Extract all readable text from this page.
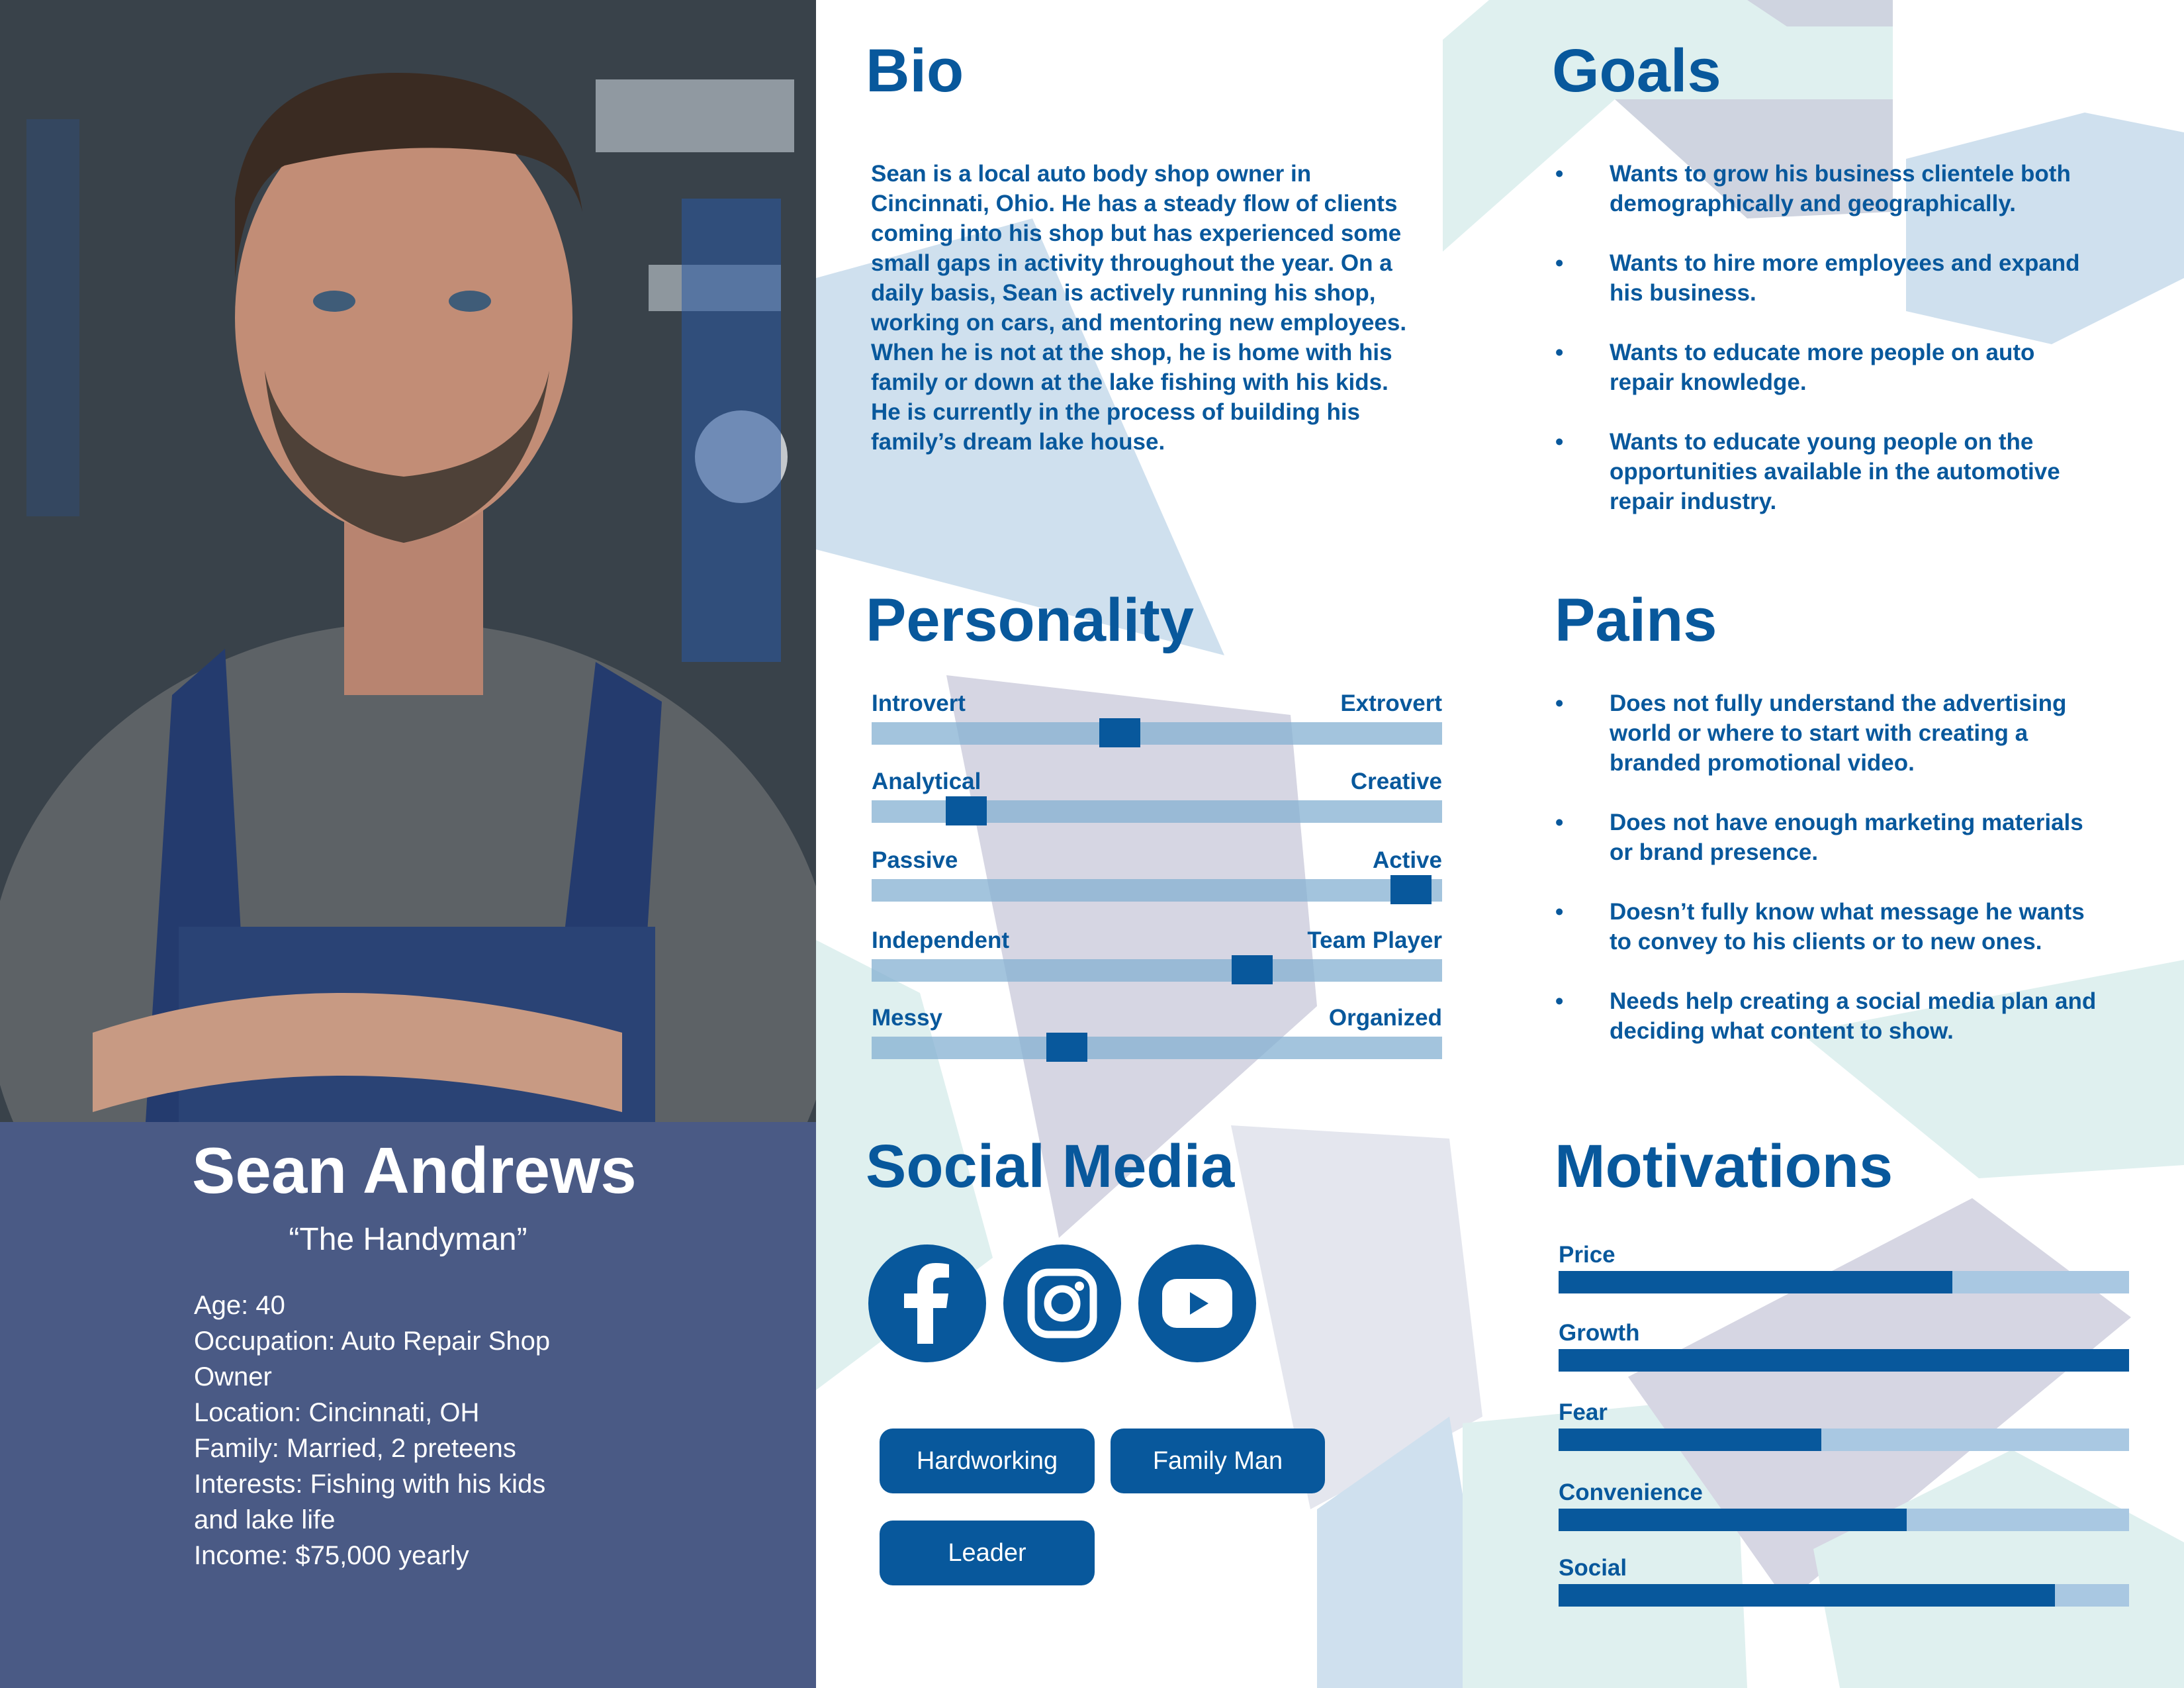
Sean Andrews
“The Handyman”
Age: 40
Occupation: Auto Repair Shop
Owner
Location: Cincinnati, OH
Family: Married, 2 preteens
Interests: Fishing with his kids
and lake life
Income: $75,000 yearly
Bio
Sean is a local auto body shop owner in
Cincinnati, Ohio. He has a steady flow of clients
coming into his shop but has experienced some
small gaps in activity throughout the year. On a
daily basis, Sean is actively running his shop,
working on cars, and mentoring new employees.
When he is not at the shop, he is home with his
family or down at the lake fishing with his kids.
He is currently in the process of building his
family’s dream lake house.
Goals
• Wants to grow his business clientele both
demographically and geographically.
• Wants to hire more employees and expand
his business.
• Wants to educate more people on auto
repair knowledge.
• Wants to educate young people on the
opportunities available in the automotive
repair industry.
Personality
Introvert	Extrovert
Analytical	Creative
Passive	Active
Independent	Team Player
Messy	Organized
Pains
• Does not fully understand the advertising
world or where to start with creating a
branded promotional video.
• Does not have enough marketing materials
or brand presence.
• Doesn’t fully know what message he wants
to convey to his clients or to new ones.
• Needs help creating a social media plan and
deciding what content to show.
Social Media
Hardworking	Family Man
Leader
Motivations
Price
Growth
Fear
Convenience
Social
